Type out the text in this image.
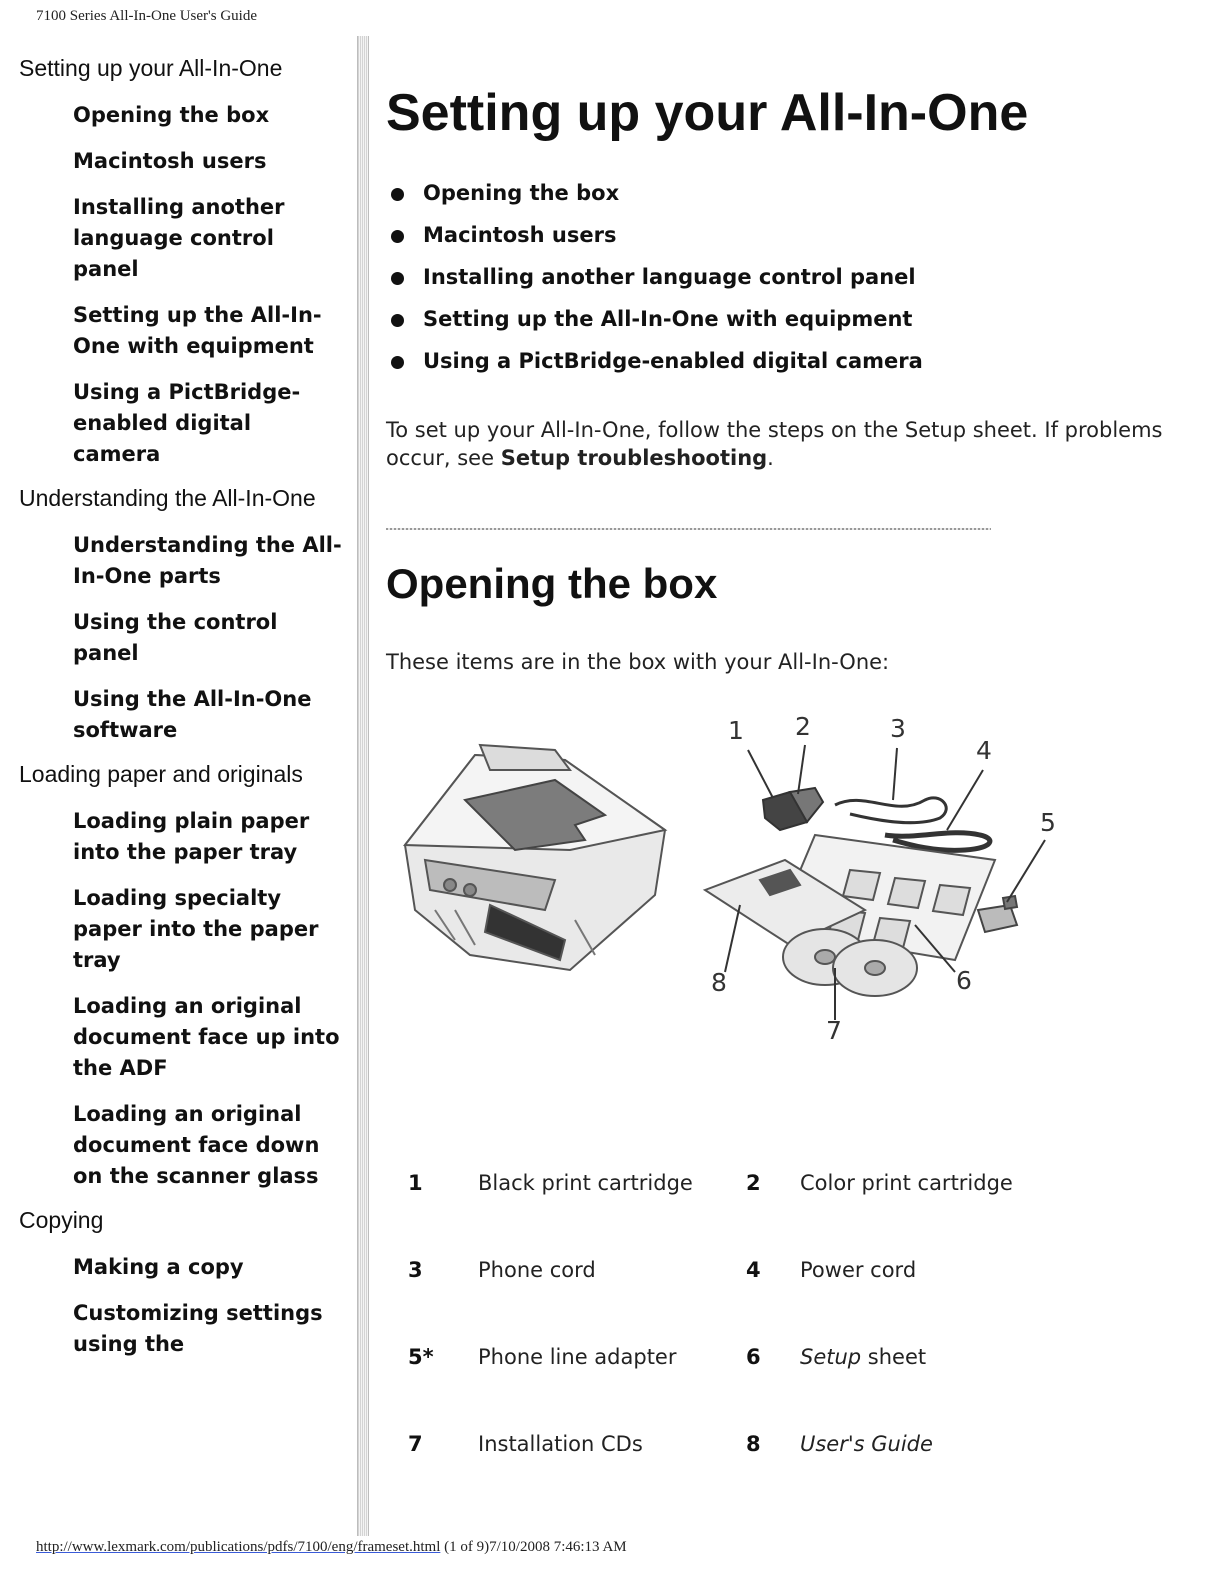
7100 Series All-In-One User's Guide
Setting up your All-In-One
Opening the box
Macintosh users
Installing another language control panel
Setting up the All-In-One with equipment
Using a PictBridge-enabled digital camera
Understanding the All-In-One
Understanding the All-In-One parts
Using the control panel
Using the All-In-One software
Loading paper and originals
Loading plain paper into the paper tray
Loading specialty paper into the paper tray
Loading an original document face up into the ADF
Loading an original document face down on the scanner glass
Copying
Making a copy
Customizing settings using the
Setting up your All-In-One
Opening the box
Macintosh users
Installing another language control panel
Setting up the All-In-One with equipment
Using a PictBridge-enabled digital camera

To set up your All-In-One, follow the steps on the Setup sheet. If problems occur, see Setup troubleshooting.

Opening the box

These items are in the box with your All-In-One:

1 2	3
4
5
6
7
8
1	Black print cartridge	2	Color print cartridge
3	Phone cord	4	Power cord
5*	Phone line adapter	6	Setup sheet
7	Installation CDs	8	User's Guide
http://www.lexmark.com/publications/pdfs/7100/eng/frameset.html (1 of 9)7/10/2008 7:46:13 AM
